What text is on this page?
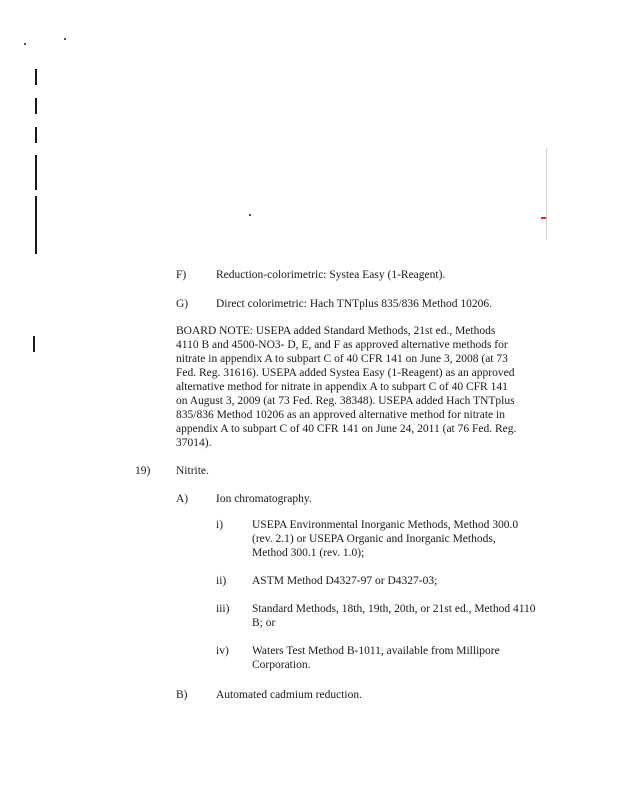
F)	Reduction-colorimetric: Systea Easy (1-Reagent).
G) Direct colorimetric: Hach TNTplus 835/836 Method 10206.
BOARD NOTE: USEPA added Standard Methods, 21st ed., Methods
4110 B and 4500-NO3- D, E, and F as approved alternative methods for
nitrate in appendix A to subpart C of 40 CFR 141 on June 3, 2008 (at 73
Fed. Reg. 31616). USEPA added Systea Easy (1-Reagent) as an approved
alternative method for nitrate in appendix A to subpart C of 40 CFR 141
on August 3, 2009 (at 73 Fed. Reg. 38348). USEPA added Hach TNTplus
835/836 Method 10206 as an approved alternative method for nitrate in
appendix A to subpart C of 40 CFR 141 on June 24, 2011 (at 76 Fed. Reg.
37014).
19) Nitrite.
A) Ion chromatography.
i)	USEPA Environmental Inorganic Methods, Method 300.0
(rev. 2.1) or USEPA Organic and Inorganic Methods,
Method 300.1 (rev. 1.0);
ii) ASTM Method D4327-97 or D4327-03;
iii) Standard Methods, 18th, 19th, 20th, or 21st ed., Method 4110
B; or
iv) Waters Test Method B-1011, available from Millipore
Corporation.
B) Automated cadmium reduction.
